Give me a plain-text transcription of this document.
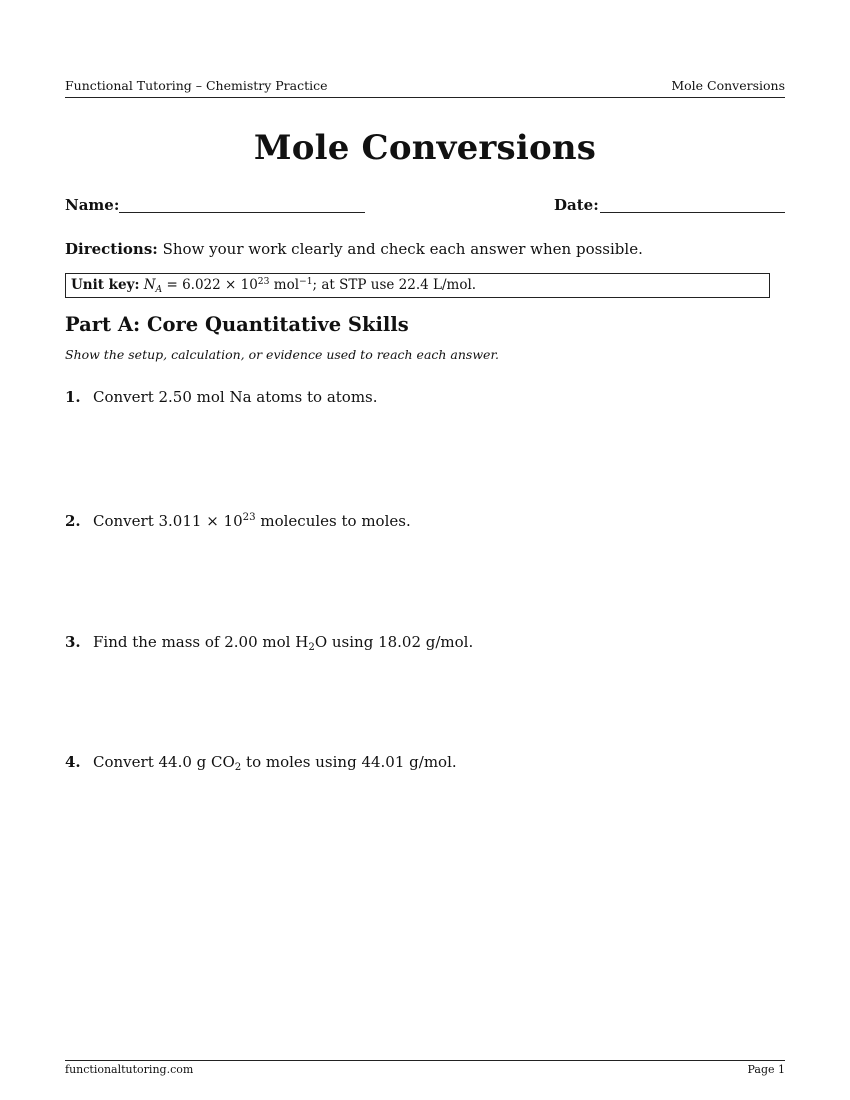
Functional Tutoring – Chemistry Practice	Mole Conversions
Mole Conversions
Name:	Date:
Directions: Show your work clearly and check each answer when possible.
Unit key: $N_A = 6.022 \times 10^{23}$ mol$^{-1}$; at STP use 22.4 L/mol.
Part A: Core Quantitative Skills
Show the setup, calculation, or evidence used to reach each answer.
1. Convert 2.50 mol Na atoms to atoms.
2. Convert $3.011 \times 10^{23}$ molecules to moles.
3. Find the mass of 2.00 mol $H_2O$ using 18.02 g/mol.
4. Convert 44.0 g $CO_2$ to moles using 44.01 g/mol.
functionaltutoring.com	Page 1
